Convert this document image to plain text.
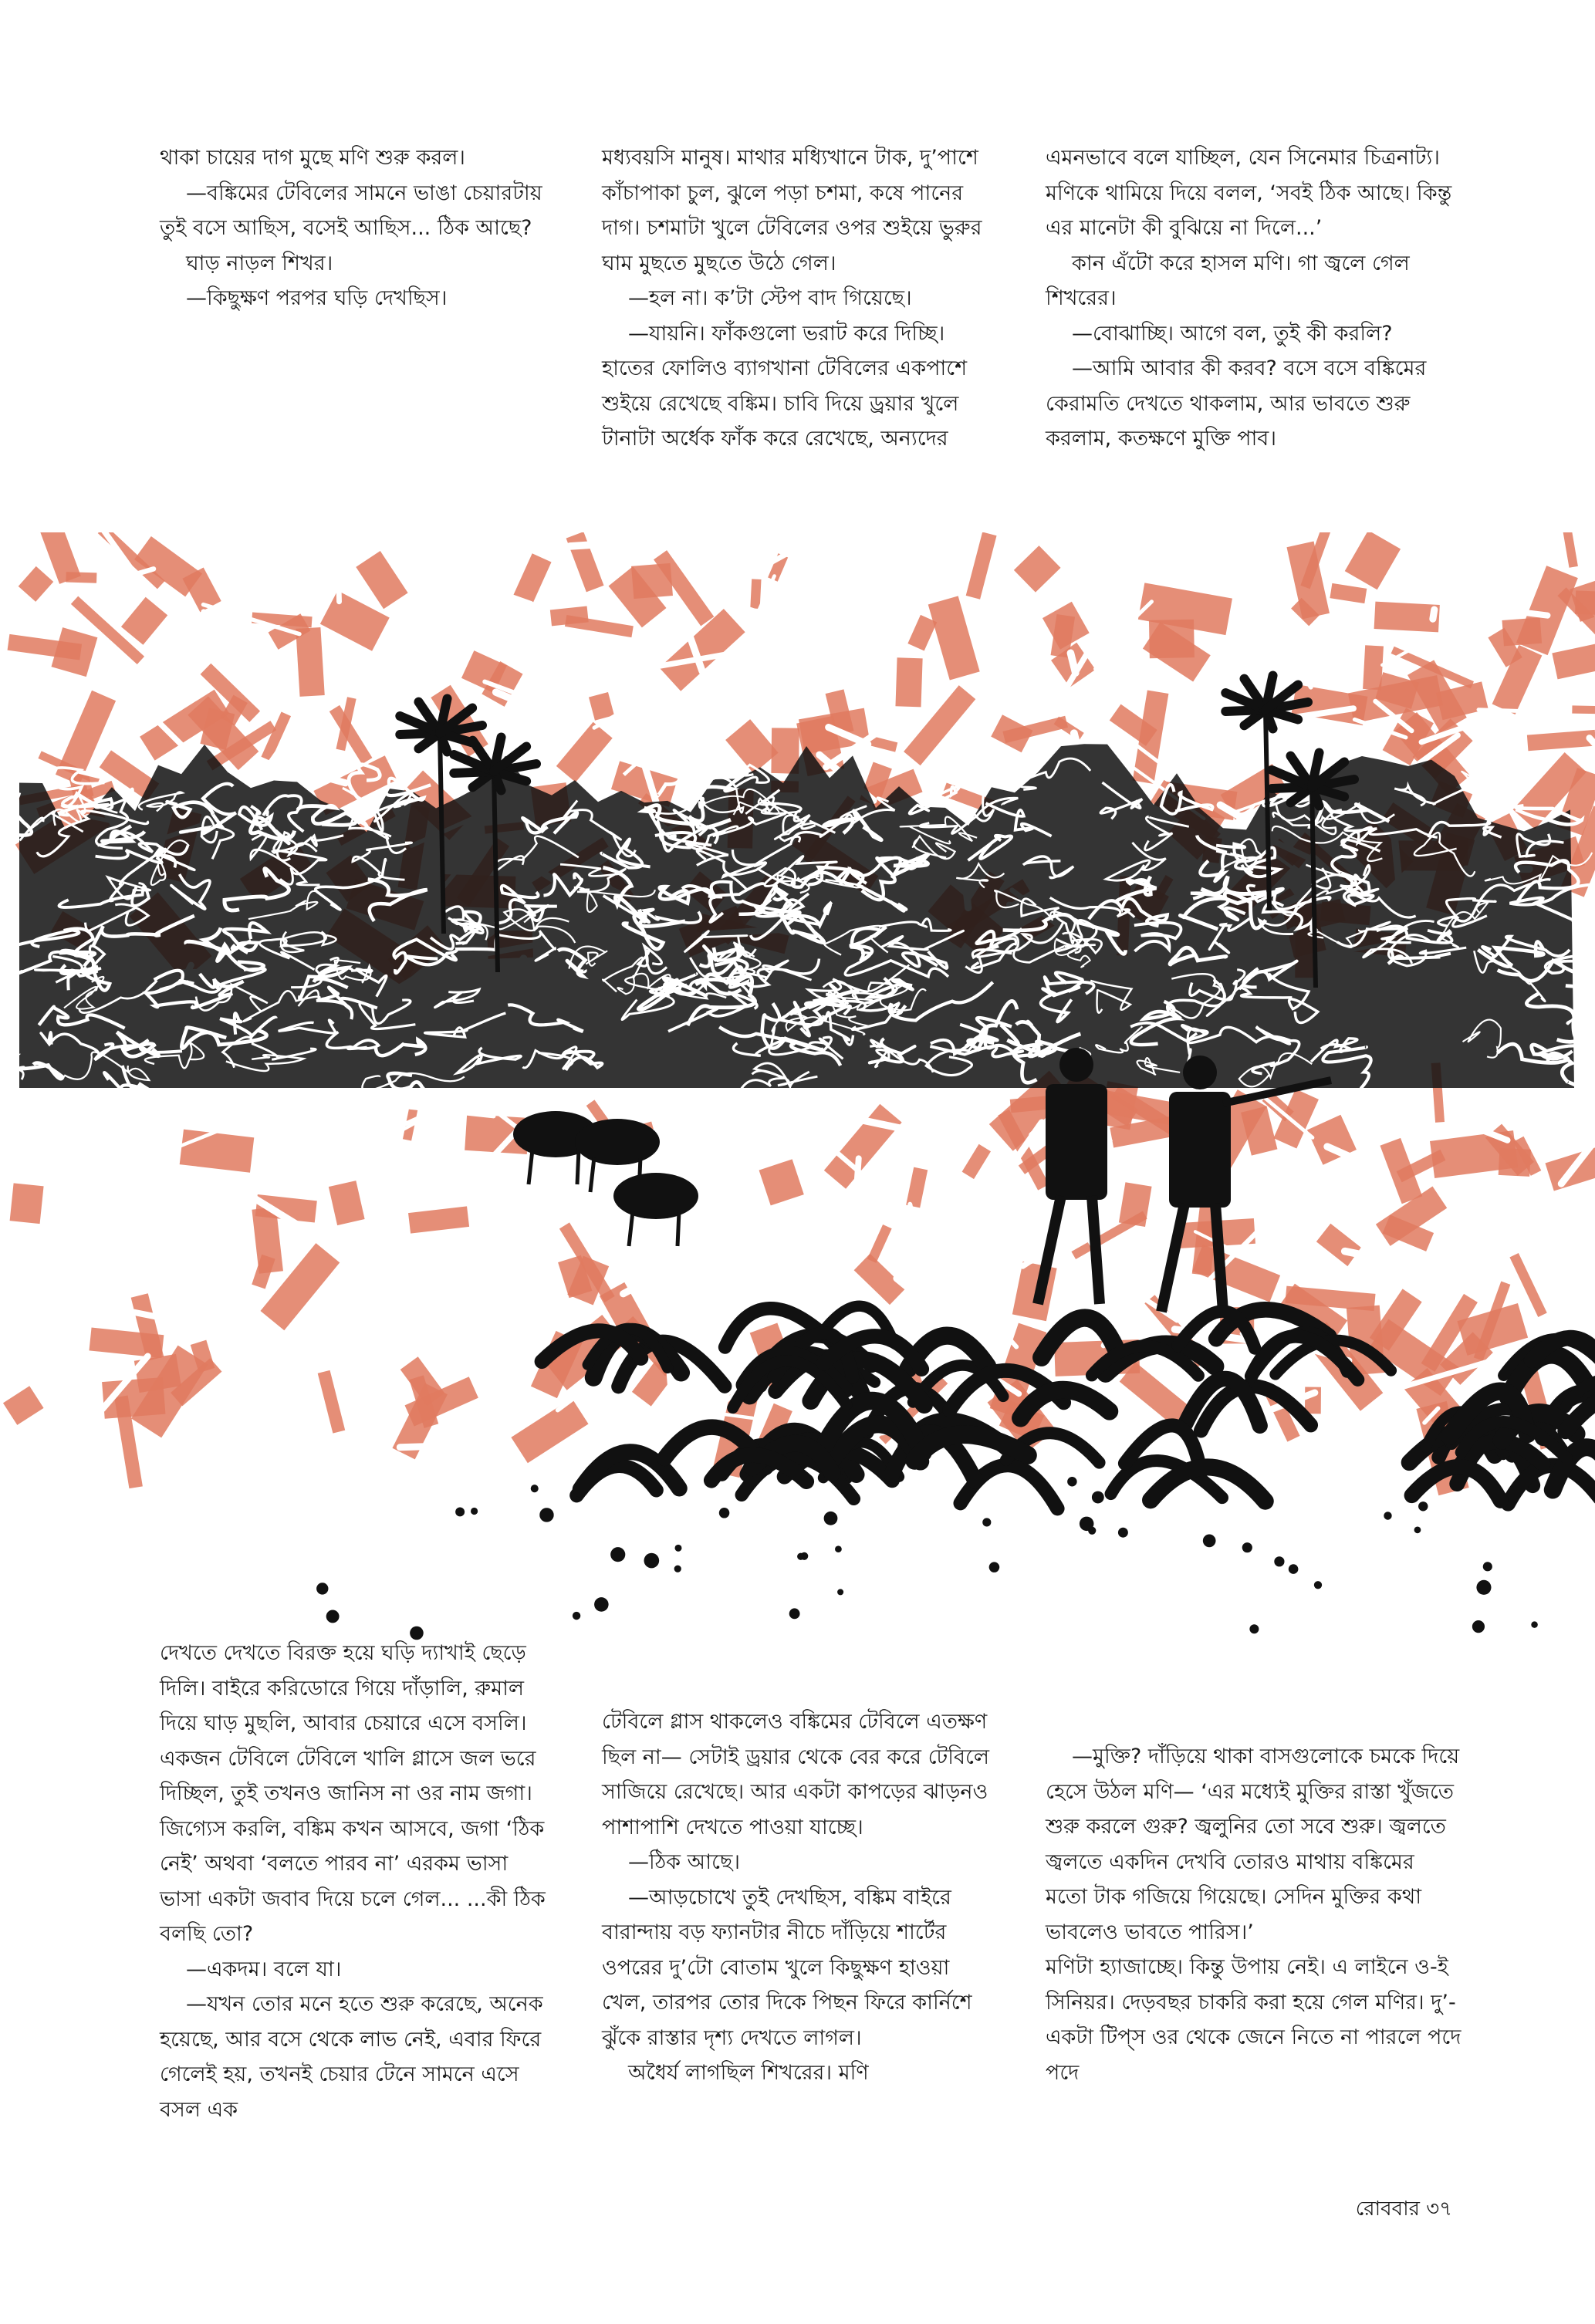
থাকা চায়ের দাগ মুছে মণি শুরু করল।

—বঙ্কিমের টেবিলের সামনে ভাঙা চেয়ারটায় তুই বসে আছিস, বসেই আছিস... ঠিক আছে?

ঘাড় নাড়ল শিখর।

—কিছুক্ষণ পরপর ঘড়ি দেখছিস।

মধ্যবয়সি মানুষ। মাথার মধ্যিখানে টাক, দু’পাশে কাঁচাপাকা চুল, ঝুলে পড়া চশমা, কষে পানের দাগ। চশমাটা খুলে টেবিলের ওপর শুইয়ে ভুরুর ঘাম মুছতে মুছতে উঠে গেল।

—হল না। ক’টা স্টেপ বাদ গিয়েছে।

—যায়নি। ফাঁকগুলো ভরাট করে দিচ্ছি। হাতের ফোলিও ব্যাগখানা টেবিলের একপাশে শুইয়ে রেখেছে বঙ্কিম। চাবি দিয়ে ড্রয়ার খুলে টানাটা অর্ধেক ফাঁক করে রেখেছে, অন্যদের

এমনভাবে বলে যাচ্ছিল, যেন সিনেমার চিত্রনাট্য। মণিকে থামিয়ে দিয়ে বলল, ‘সবই ঠিক আছে। কিন্তু এর মানেটা কী বুঝিয়ে না দিলে...’

কান এঁটো করে হাসল মণি। গা জ্বলে গেল শিখরের।

—বোঝাচ্ছি। আগে বল, তুই কী করলি?

—আমি আবার কী করব? বসে বসে বঙ্কিমের কেরামতি দেখতে থাকলাম, আর ভাবতে শুরু করলাম, কতক্ষণে মুক্তি পাব।

দেখতে দেখতে বিরক্ত হয়ে ঘড়ি দ্যাখাই ছেড়ে দিলি। বাইরে করিডোরে গিয়ে দাঁড়ালি, রুমাল দিয়ে ঘাড় মুছলি, আবার চেয়ারে এসে বসলি। একজন টেবিলে টেবিলে খালি গ্লাসে জল ভরে দিচ্ছিল, তুই তখনও জানিস না ওর নাম জগা। জিগ্যেস করলি, বঙ্কিম কখন আসবে, জগা ‘ঠিক নেই’ অথবা ‘বলতে পারব না’ এরকম ভাসা ভাসা একটা জবাব দিয়ে চলে গেল... ...কী ঠিক বলছি তো?

—একদম। বলে যা।

—যখন তোর মনে হতে শুরু করেছে, অনেক হয়েছে, আর বসে থেকে লাভ নেই, এবার ফিরে গেলেই হয়, তখনই চেয়ার টেনে সামনে এসে বসল এক

টেবিলে গ্লাস থাকলেও বঙ্কিমের টেবিলে এতক্ষণ ছিল না— সেটাই ড্রয়ার থেকে বের করে টেবিলে সাজিয়ে রেখেছে। আর একটা কাপড়ের ঝাড়নও পাশাপাশি দেখতে পাওয়া যাচ্ছে।

—ঠিক আছে।

—আড়চোখে তুই দেখছিস, বঙ্কিম বাইরে বারান্দায় বড় ফ্যানটার নীচে দাঁড়িয়ে শার্টের ওপরের দু’টো বোতাম খুলে কিছুক্ষণ হাওয়া খেল, তারপর তোর দিকে পিছন ফিরে কার্নিশে ঝুঁকে রাস্তার দৃশ্য দেখতে লাগল।

অধৈর্য লাগছিল শিখরের। মণি

—মুক্তি? দাঁড়িয়ে থাকা বাসগুলোকে চমকে দিয়ে হেসে উঠল মণি— ‘এর মধ্যেই মুক্তির রাস্তা খুঁজতে শুরু করলে গুরু? জ্বলুনির তো সবে শুরু। জ্বলতে জ্বলতে একদিন দেখবি তোরও মাথায় বঙ্কিমের মতো টাক গজিয়ে গিয়েছে। সেদিন মুক্তির কথা ভাবলেও ভাবতে পারিস।’

মণিটা হ্যাজাচ্ছে। কিন্তু উপায় নেই। এ লাইনে ও-ই সিনিয়র। দেড়বছর চাকরি করা হয়ে গেল মণির। দু’-একটা টিপ্‌স ওর থেকে জেনে নিতে না পারলে পদে পদে

রোববার ৩৭
